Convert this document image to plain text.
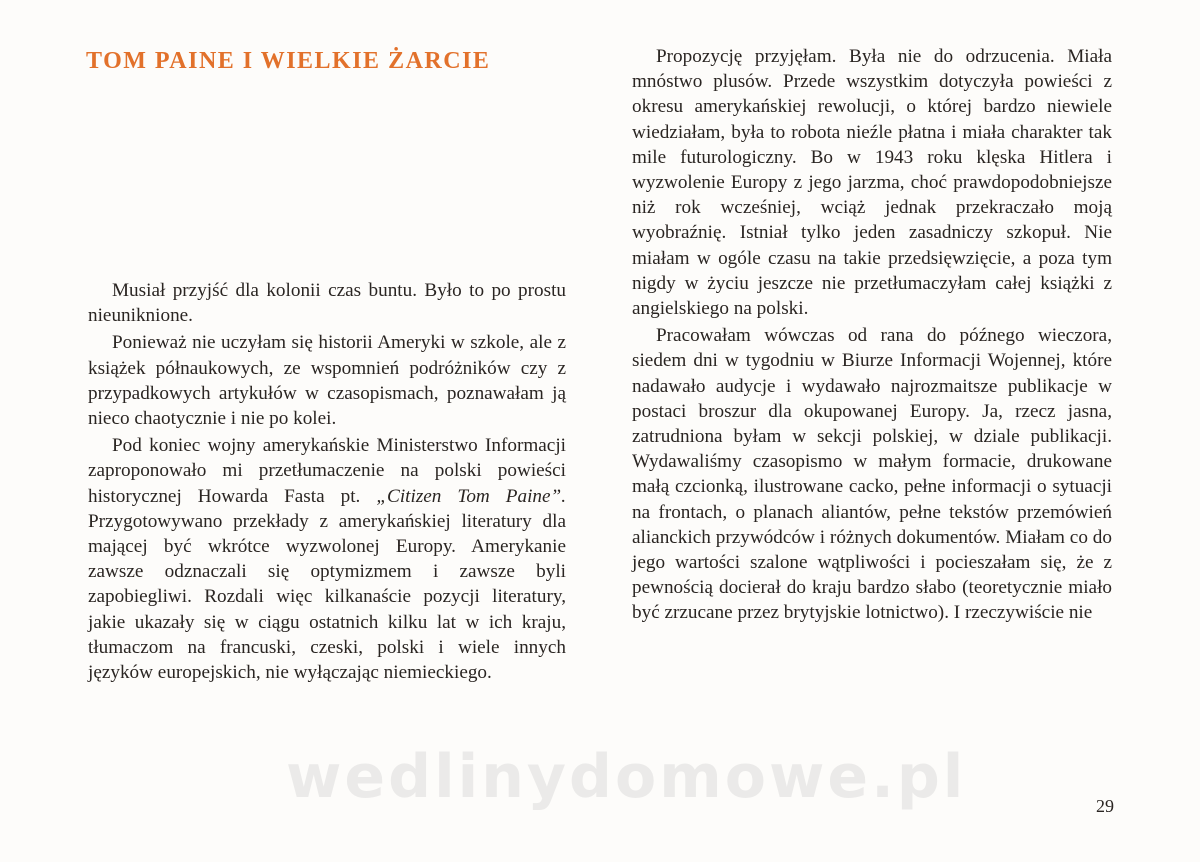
TOM PAINE I WIELKIE ŻARCIE

Musiał przyjść dla kolonii czas buntu. Było to po prostu nieuniknione.

Ponieważ nie uczyłam się historii Ameryki w szkole, ale z książek półnaukowych, ze wspomnień podróżników czy z przypadkowych artykułów w czasopismach, poznawałam ją nieco chaotycznie i nie po kolei.

Pod koniec wojny amerykańskie Ministerstwo Informacji zaproponowało mi przetłumaczenie na polski powieści historycznej Howarda Fasta pt. „Citizen Tom Paine”. Przygotowywano przekłady z amerykańskiej literatury dla mającej być wkrótce wyzwolonej Europy. Amerykanie zawsze odznaczali się optymizmem i zawsze byli zapobiegliwi. Rozdali więc kilkanaście pozycji literatury, jakie ukazały się w ciągu ostatnich kilku lat w ich kraju, tłumaczom na francuski, czeski, polski i wiele innych języków europejskich, nie wyłączając niemieckiego.

Propozycję przyjęłam. Była nie do odrzucenia. Miała mnóstwo plusów. Przede wszystkim dotyczyła powieści z okresu amerykańskiej rewolucji, o której bardzo niewiele wiedziałam, była to robota nieźle płatna i miała charakter tak mile futurologiczny. Bo w 1943 roku klęska Hitlera i wyzwolenie Europy z jego jarzma, choć prawdopodobniejsze niż rok wcześniej, wciąż jednak przekraczało moją wyobraźnię. Istniał tylko jeden zasadniczy szkopuł. Nie miałam w ogóle czasu na takie przedsięwzięcie, a poza tym nigdy w życiu jeszcze nie przetłumaczyłam całej książki z angielskiego na polski.

Pracowałam wówczas od rana do późnego wieczora, siedem dni w tygodniu w Biurze Informacji Wojennej, które nadawało audycje i wydawało najrozmaitsze publikacje w postaci broszur dla okupowanej Europy. Ja, rzecz jasna, zatrudniona byłam w sekcji polskiej, w dziale publikacji. Wydawaliśmy czasopismo w małym formacie, drukowane małą czcionką, ilustrowane cacko, pełne informacji o sytuacji na frontach, o planach aliantów, pełne tekstów przemówień alianckich przywódców i różnych dokumentów. Miałam co do jego wartości szalone wątpliwości i pocieszałam się, że z pewnością docierał do kraju bardzo słabo (teoretycznie miało być zrzucane przez brytyjskie lotnictwo). I rzeczywiście nie

wedlinydomowe.pl	29
